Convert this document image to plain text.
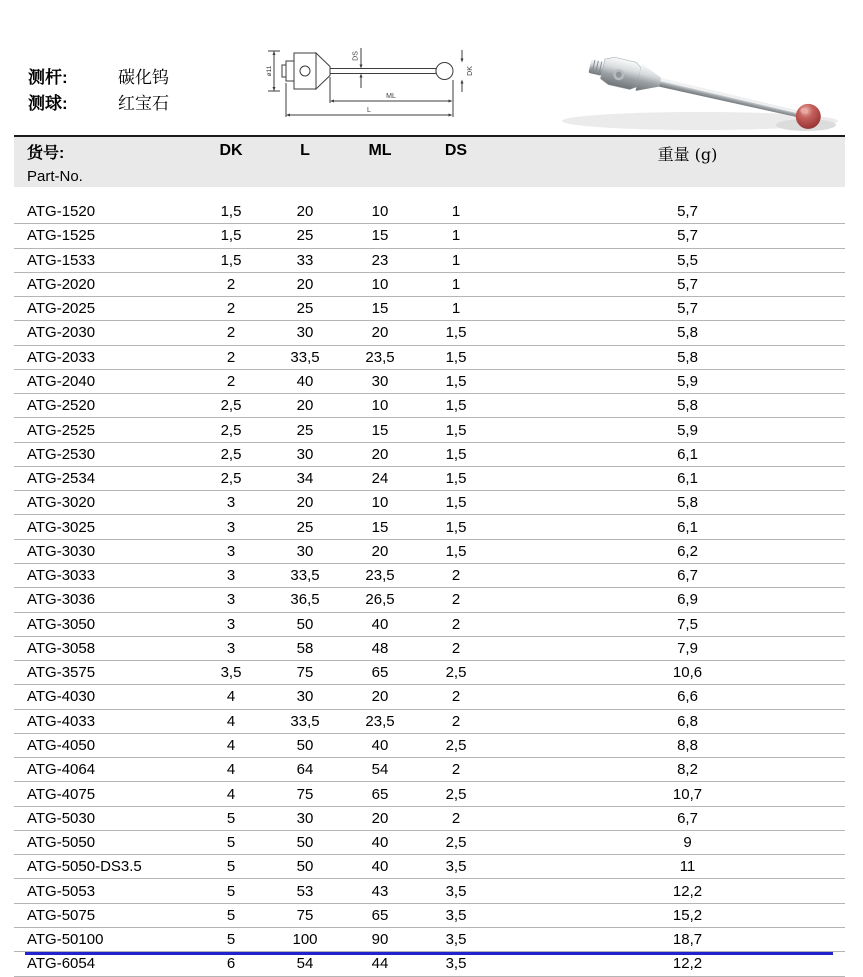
测杆:	碳化钨
测球:	红宝石
ø11
DS
DK
ML
L
货号:
Part-No.
DK	L	ML	DS	重量 (g)
ATG-1520	1,5	20	10	1	5,7
ATG-1525	1,5	25	15	1	5,7
ATG-1533	1,5	33	23	1	5,5
ATG-2020	2	20	10	1	5,7
ATG-2025	2	25	15	1	5,7
ATG-2030	2	30	20	1,5	5,8
ATG-2033	2	33,5	23,5	1,5	5,8
ATG-2040	2	40	30	1,5	5,9
ATG-2520	2,5	20	10	1,5	5,8
ATG-2525	2,5	25	15	1,5	5,9
ATG-2530	2,5	30	20	1,5	6,1
ATG-2534	2,5	34	24	1,5	6,1
ATG-3020	3	20	10	1,5	5,8
ATG-3025	3	25	15	1,5	6,1
ATG-3030	3	30	20	1,5	6,2
ATG-3033	3	33,5	23,5	2	6,7
ATG-3036	3	36,5	26,5	2	6,9
ATG-3050	3	50	40	2	7,5
ATG-3058	3	58	48	2	7,9
ATG-3575	3,5	75	65	2,5	10,6
ATG-4030	4	30	20	2	6,6
ATG-4033	4	33,5	23,5	2	6,8
ATG-4050	4	50	40	2,5	8,8
ATG-4064	4	64	54	2	8,2
ATG-4075	4	75	65	2,5	10,7
ATG-5030	5	30	20	2	6,7
ATG-5050	5	50	40	2,5	9
ATG-5050-DS3.5	5	50	40	3,5	11
ATG-5053	5	53	43	3,5	12,2
ATG-5075	5	75	65	3,5	15,2
ATG-50100	5	100	90	3,5	18,7
ATG-6054	6	54	44	3,5	12,2
